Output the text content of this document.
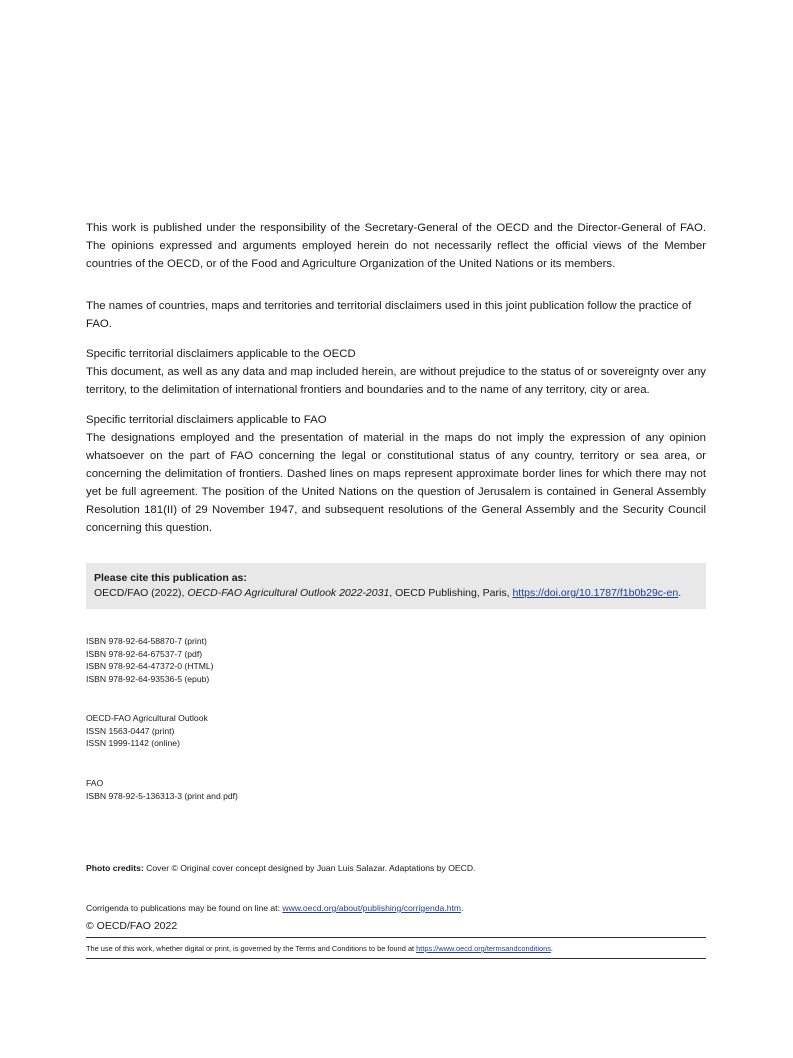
This work is published under the responsibility of the Secretary-General of the OECD and the Director-General of FAO. The opinions expressed and arguments employed herein do not necessarily reflect the official views of the Member countries of the OECD, or of the Food and Agriculture Organization of the United Nations or its members.

The names of countries, maps and territories and territorial disclaimers used in this joint publication follow the practice of FAO.

Specific territorial disclaimers applicable to the OECD

This document, as well as any data and map included herein, are without prejudice to the status of or sovereignty over any territory, to the delimitation of international frontiers and boundaries and to the name of any territory, city or area.

Specific territorial disclaimers applicable to FAO

The designations employed and the presentation of material in the maps do not imply the expression of any opinion whatsoever on the part of FAO concerning the legal or constitutional status of any country, territory or sea area, or concerning the delimitation of frontiers. Dashed lines on maps represent approximate border lines for which there may not yet be full agreement. The position of the United Nations on the question of Jerusalem is contained in General Assembly Resolution 181(II) of 29 November 1947, and subsequent resolutions of the General Assembly and the Security Council concerning this question.

Please cite this publication as:
OECD/FAO (2022), OECD-FAO Agricultural Outlook 2022-2031, OECD Publishing, Paris, https://doi.org/10.1787/f1b0b29c-en.
ISBN 978-92-64-58870-7 (print)
ISBN 978-92-64-67537-7 (pdf)
ISBN 978-92-64-47372-0 (HTML)
ISBN 978-92-64-93536-5 (epub)
OECD-FAO Agricultural Outlook
ISSN 1563-0447 (print)
ISSN 1999-1142 (online)
FAO
ISBN 978-92-5-136313-3 (print and pdf)
Photo credits: Cover © Original cover concept designed by Juan Luis Salazar. Adaptations by OECD.
Corrigenda to publications may be found on line at: www.oecd.org/about/publishing/corrigenda.htm.
© OECD/FAO 2022
The use of this work, whether digital or print, is governed by the Terms and Conditions to be found at https://www.oecd.org/termsandconditions.
